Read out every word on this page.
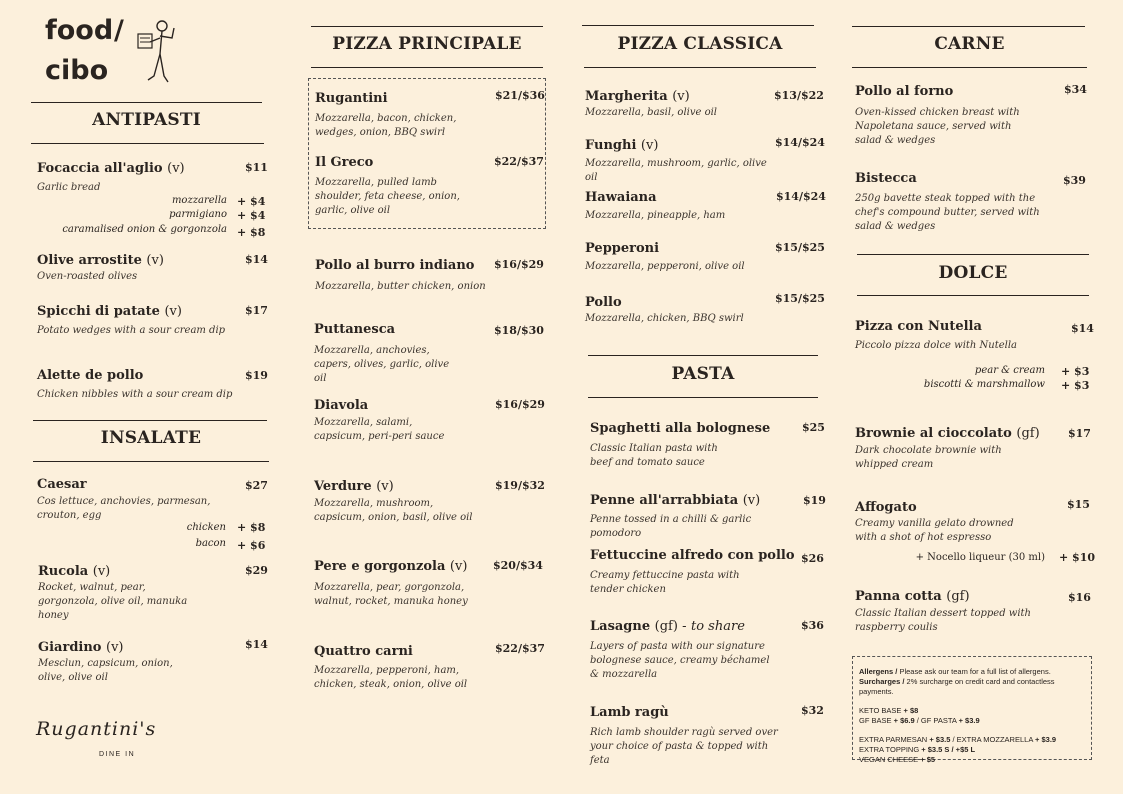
food /
cibo
ANTIPASTI
Focaccia all'aglio (v)
Garlic bread
$11
mozzarella + $4
parmigiano + $4
caramalised onion & gorgonzola + $8
Olive arrostite (v)
Oven-roasted olives
$14
Spicchi di patate (v)
Potato wedges with a sour cream dip
$17
Alette de pollo
Chicken nibbles with a sour cream dip
$19
INSALATE
Caesar
Cos lettuce, anchovies, parmesan, crouton, egg
$27
chicken + $8
bacon + $6
Rucola (v)
Rocket, walnut, pear, gorgonzola, olive oil, manuka honey
$29
Giardino (v)
Mesclun, capsicum, onion, olive, olive oil
$14
Rugantini's
DINE IN
PIZZA PRINCIPALE
Rugantini
Mozzarella, bacon, chicken, wedges, onion, BBQ swirl
$21/$36
Il Greco
Mozzarella, pulled lamb shoulder, feta cheese, onion, garlic, olive oil
$22/$37
Pollo al burro indiano
Mozzarella, butter chicken, onion
$16/$29
Puttanesca
Mozzarella, anchovies, capers, olives, garlic, olive oil
$18/$30
Diavola
Mozzarella, salami, capsicum, peri-peri sauce
$16/$29
Verdure (v)
Mozzarella, mushroom, capsicum, onion, basil, olive oil
$19/$32
Pere e gorgonzola (v)
Mozzarella, pear, gorgonzola, walnut, rocket, manuka honey
$20/$34
Quattro carni
Mozzarella, pepperoni, ham, chicken, steak, onion, olive oil
$22/$37
PIZZA CLASSICA
Margherita (v)
Mozzarella, basil, olive oil
$13/$22
Funghi (v)
Mozzarella, mushroom, garlic, olive oil
$14/$24
Hawaiana
Mozzarella, pineapple, ham
$14/$24
Pepperoni
Mozzarella, pepperoni, olive oil
$15/$25
Pollo
Mozzarella, chicken, BBQ swirl
$15/$25
PASTA
Spaghetti alla bolognese
Classic Italian pasta with beef and tomato sauce
$25
Penne all'arrabbiata (v)
Penne tossed in a chilli & garlic pomodoro
$19
Fettuccine alfredo con pollo
Creamy fettuccine pasta with tender chicken
$26
Lasagne (gf) - to share
Layers of pasta with our signature bolognese sauce, creamy béchamel & mozzarella
$36
Lamb ragù
Rich lamb shoulder ragù served over your choice of pasta & topped with feta
$32
CARNE
Pollo al forno
Oven-kissed chicken breast with Napoletana sauce, served with salad & wedges
$34
Bistecca
250g bavette steak topped with the chef's compound butter, served with salad & wedges
$39
DOLCE
Pizza con Nutella
Piccolo pizza dolce with Nutella
$14
pear & cream + $3
biscotti & marshmallow + $3
Brownie al cioccolato (gf)
Dark chocolate brownie with whipped cream
$17
Affogato
Creamy vanilla gelato drowned with a shot of hot espresso
$15
+ Nocello liqueur (30 ml) + $10
Panna cotta (gf)
Classic Italian dessert topped with raspberry coulis
$16
Allergens / Please ask our team for a full list of allergens.
Surcharges / 2% surcharge on credit card and contactless payments.
KETO BASE + $8
GF BASE + $6.9 / GF PASTA + $3.9
EXTRA PARMESAN + $3.5 / EXTRA MOZZARELLA + $3.9
EXTRA TOPPING + $3.5 S / +$5 L
VEGAN CHEESE + $5
